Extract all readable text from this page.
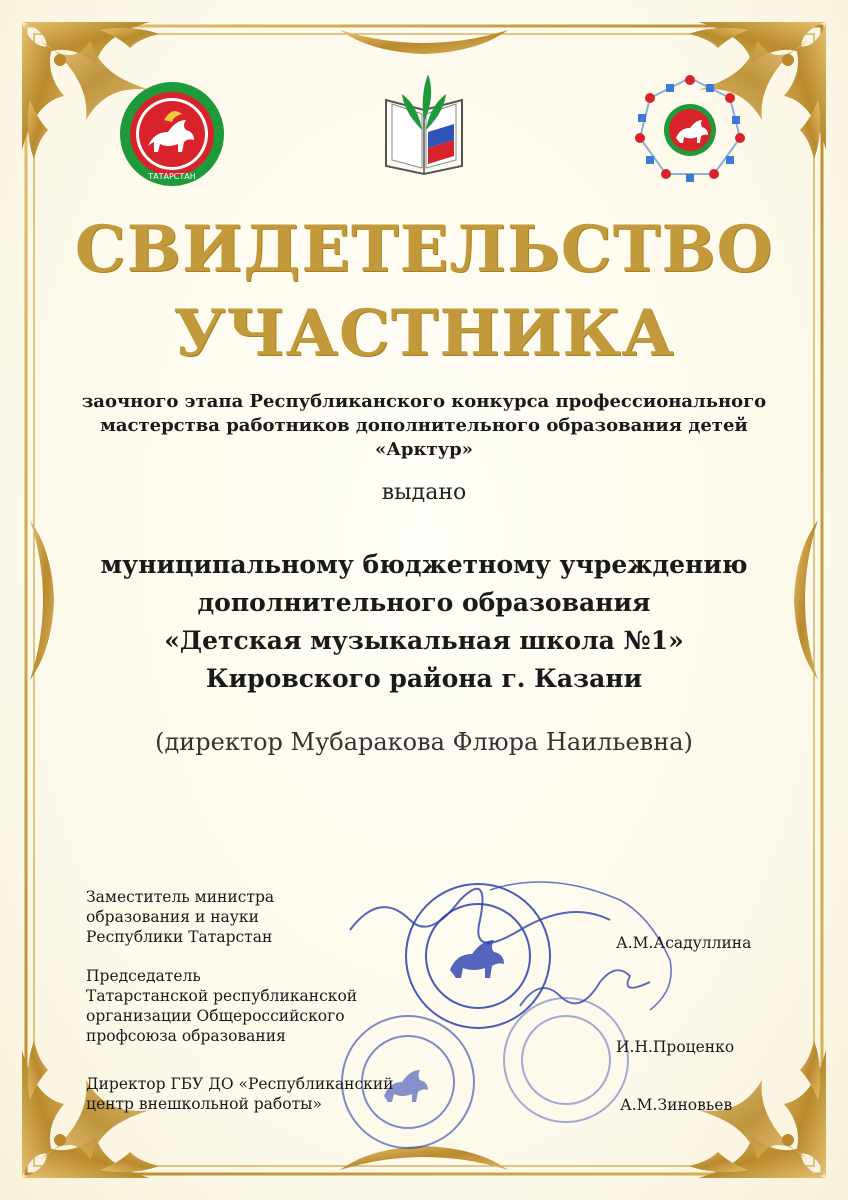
ТАТАРСТАН
СВИДЕТЕЛЬСТВО
УЧАСТНИКА
заочного этапа Республиканского конкурса профессионального
мастерства работников дополнительного образования детей
«Арктур»
выдано
муниципальному бюджетному учреждению
дополнительного образования
«Детская музыкальная школа №1»
Кировского района г. Казани
(директор Мубаракова Флюра Наильевна)
Заместитель министра
образования и науки
Республики Татарстан	А.М.Асадуллина
Председатель
Татарстанской республиканской
организации Общероссийского
профсоюза образования
И.Н.Проценко
Директор ГБУ ДО «Республиканский
центр внешкольной работы»	А.М.Зиновьев
